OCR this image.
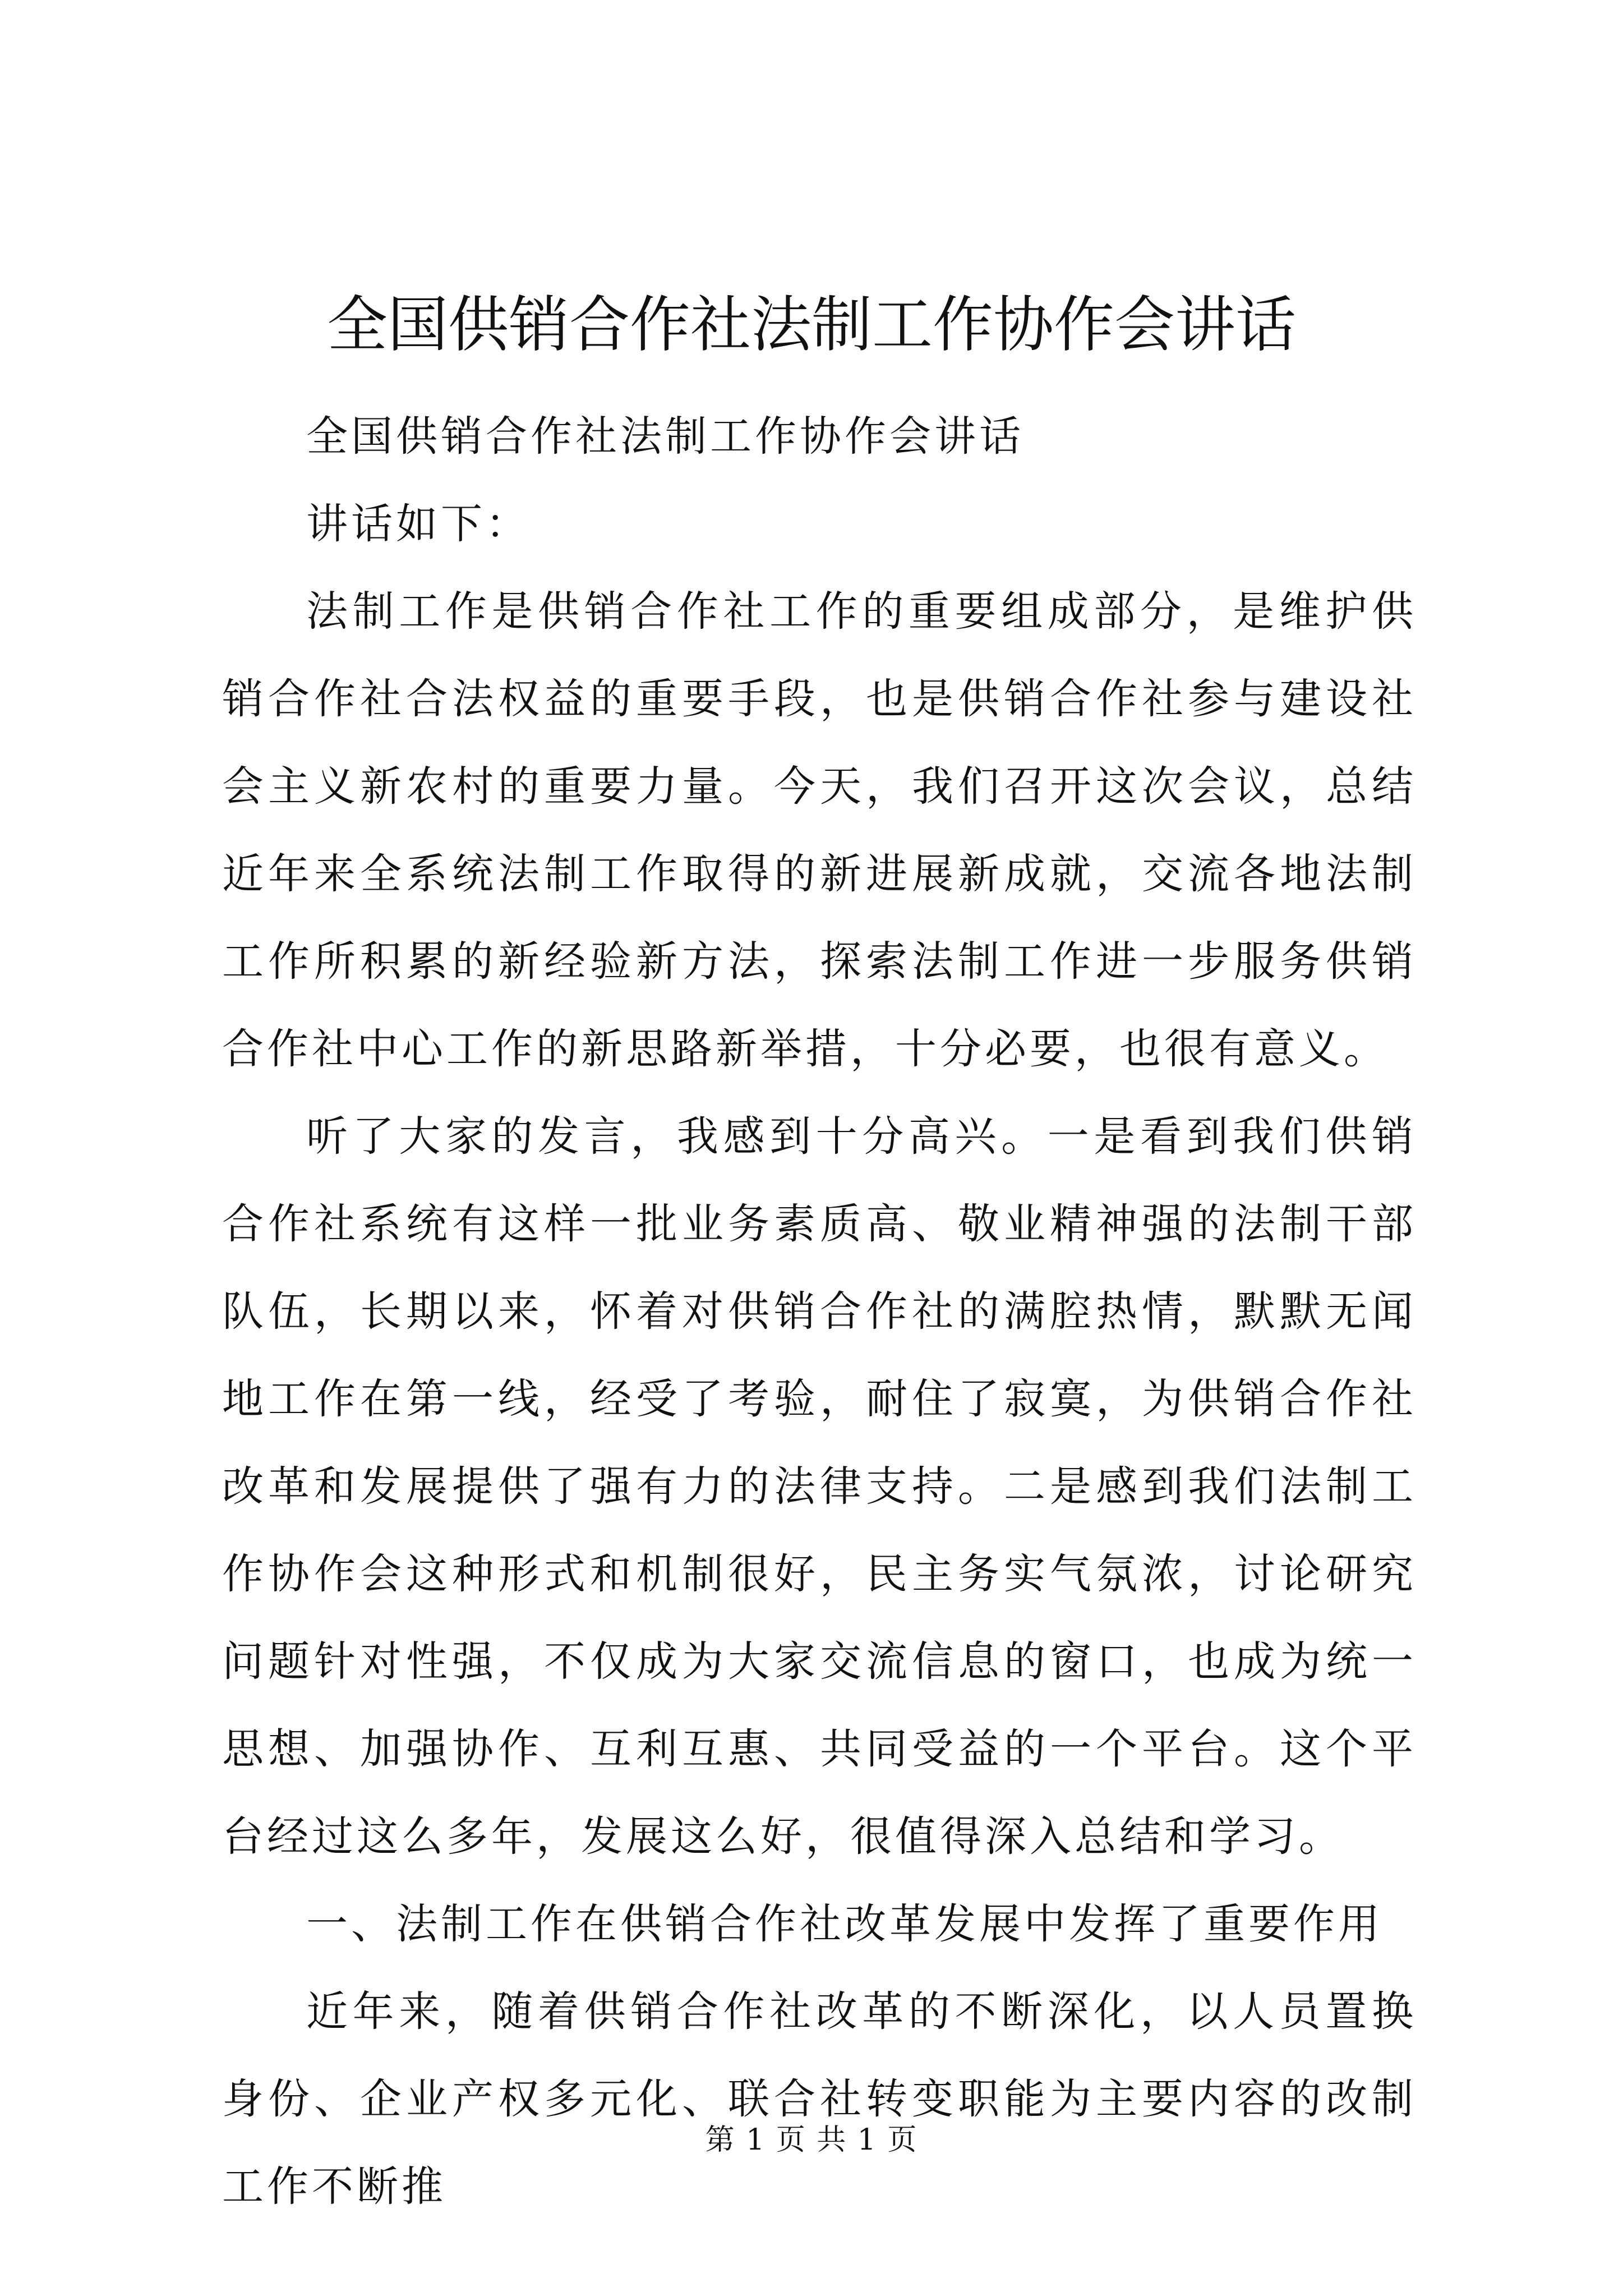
全国供销合作社法制工作协作会讲话

全国供销合作社法制工作协作会讲话

讲话如下：

法制工作是供销合作社工作的重要组成部分，是维护供销合作社合法权益的重要手段，也是供销合作社参与建设社会主义新农村的重要力量。今天，我们召开这次会议，总结近年来全系统法制工作取得的新进展新成就，交流各地法制工作所积累的新经验新方法，探索法制工作进一步服务供销合作社中心工作的新思路新举措，十分必要，也很有意义。

听了大家的发言，我感到十分高兴。一是看到我们供销合作社系统有这样一批业务素质高、敬业精神强的法制干部队伍，长期以来，怀着对供销合作社的满腔热情，默默无闻地工作在第一线，经受了考验，耐住了寂寞，为供销合作社改革和发展提供了强有力的法律支持。二是感到我们法制工作协作会这种形式和机制很好，民主务实气氛浓，讨论研究问题针对性强，不仅成为大家交流信息的窗口，也成为统一思想、加强协作、互利互惠、共同受益的一个平台。这个平台经过这么多年，发展这么好，很值得深入总结和学习。

一、法制工作在供销合作社改革发展中发挥了重要作用

近年来，随着供销合作社改革的不断深化，以人员置换身份、企业产权多元化、联合社转变职能为主要内容的改制工作不断推

第 1 页 共 1 页
